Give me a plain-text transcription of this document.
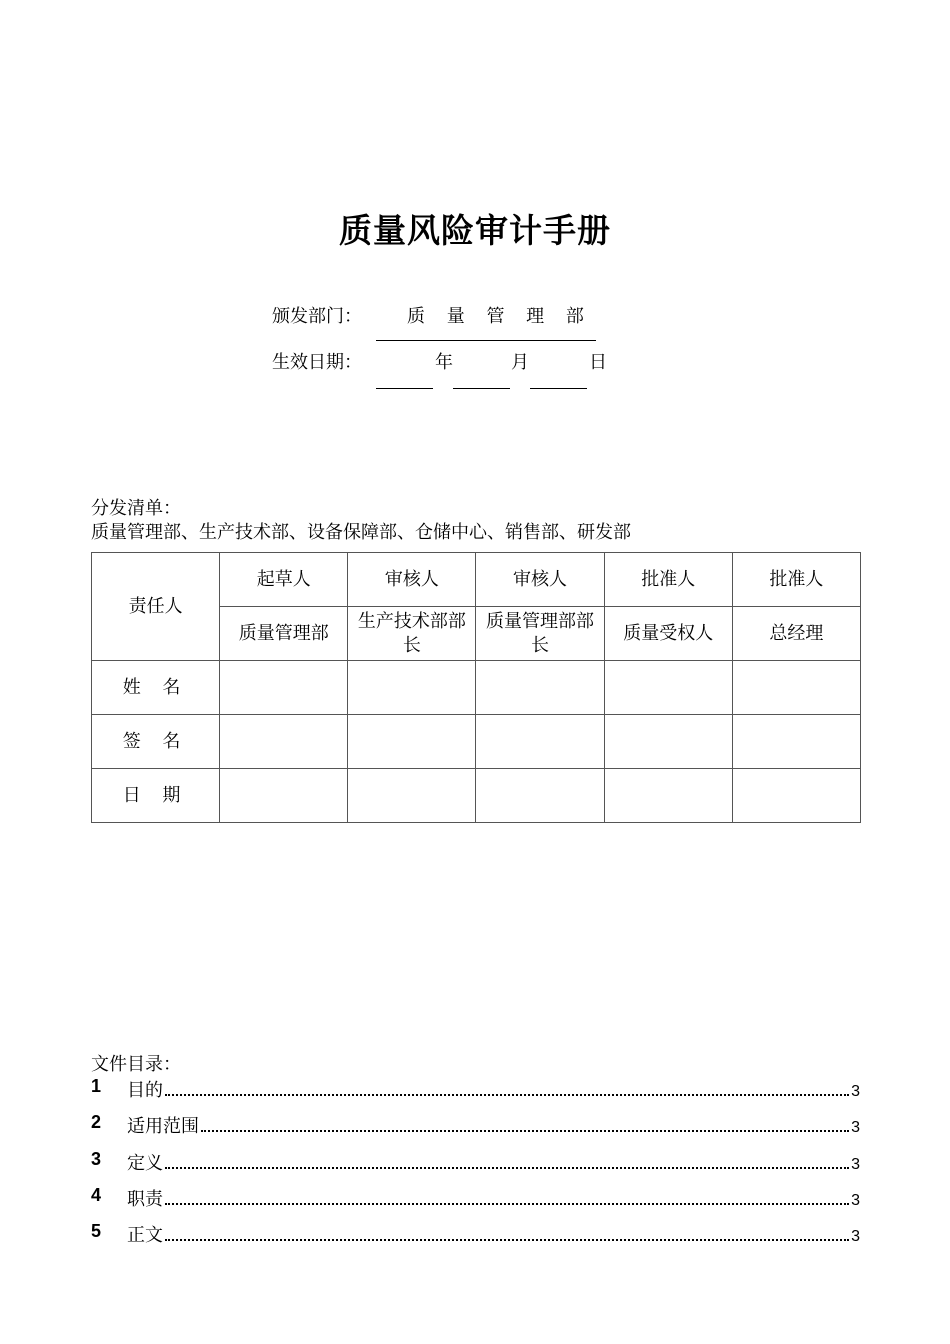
质量风险审计手册
颁发部门：	质 量 管 理 部
生效日期：	年	月	日
分发清单：
质量管理部、生产技术部、设备保障部、仓储中心、销售部、研发部
责任人	起草人	审核人	审核人	批准人	批准人
	质量管理部	生产技术部部长	质量管理部部长	质量受权人	总经理
姓 名					
签 名					
日 期					
文件目录：
1	目的	3
2	适用范围	3
3	定义	3
4	职责	3
5	正文	3
